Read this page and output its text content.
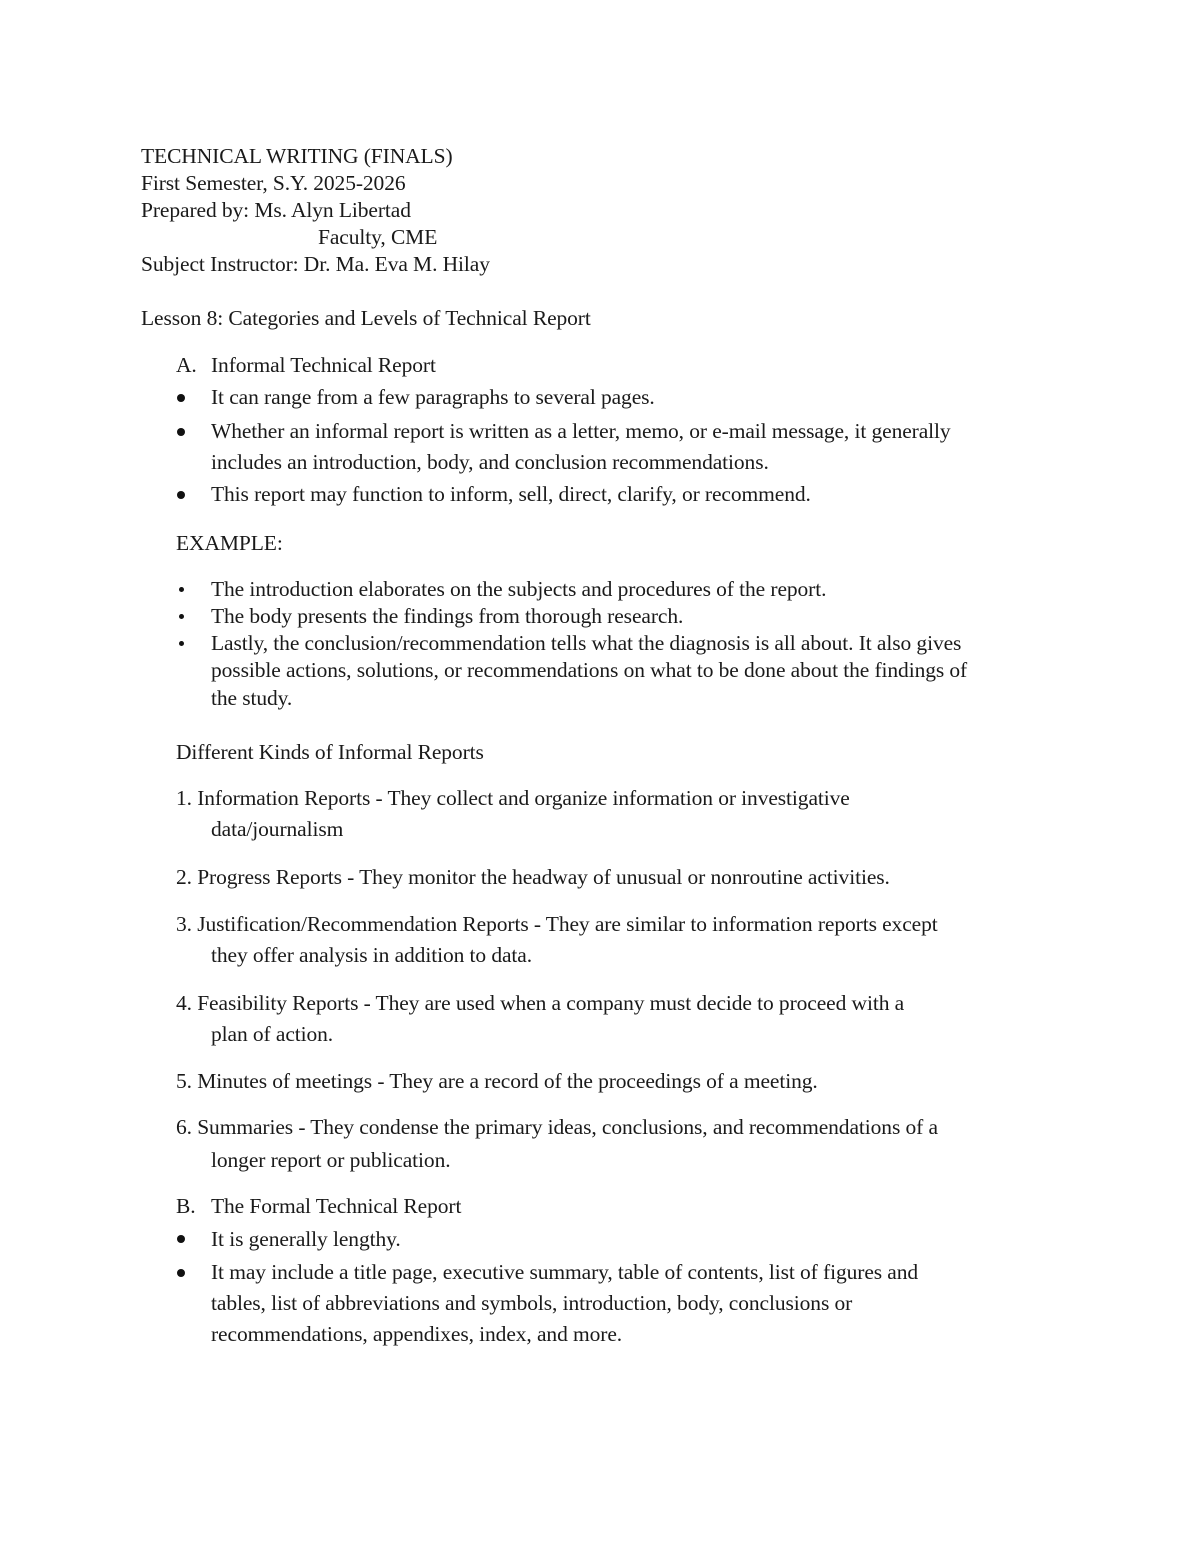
TECHNICAL WRITING (FINALS)
First Semester, S.Y. 2025-2026
Prepared by: Ms. Alyn Libertad
Faculty, CME
Subject Instructor: Dr. Ma. Eva M. Hilay
Lesson 8: Categories and Levels of Technical Report
A. Informal Technical Report
It can range from a few paragraphs to several pages.
Whether an informal report is written as a letter, memo, or e-mail message, it generally
includes an introduction, body, and conclusion recommendations.
This report may function to inform, sell, direct, clarify, or recommend.
EXAMPLE:
The introduction elaborates on the subjects and procedures of the report.
The body presents the findings from thorough research.
Lastly, the conclusion/recommendation tells what the diagnosis is all about. It also gives
possible actions, solutions, or recommendations on what to be done about the findings of
the study.
Different Kinds of Informal Reports
1. Information Reports - They collect and organize information or investigative
data/journalism
2. Progress Reports - They monitor the headway of unusual or nonroutine activities.
3. Justification/Recommendation Reports - They are similar to information reports except
they offer analysis in addition to data.
4. Feasibility Reports - They are used when a company must decide to proceed with a
plan of action.
5. Minutes of meetings - They are a record of the proceedings of a meeting.
6. Summaries - They condense the primary ideas, conclusions, and recommendations of a
longer report or publication.
B. The Formal Technical Report
It is generally lengthy.
It may include a title page, executive summary, table of contents, list of figures and
tables, list of abbreviations and symbols, introduction, body, conclusions or
recommendations, appendixes, index, and more.
